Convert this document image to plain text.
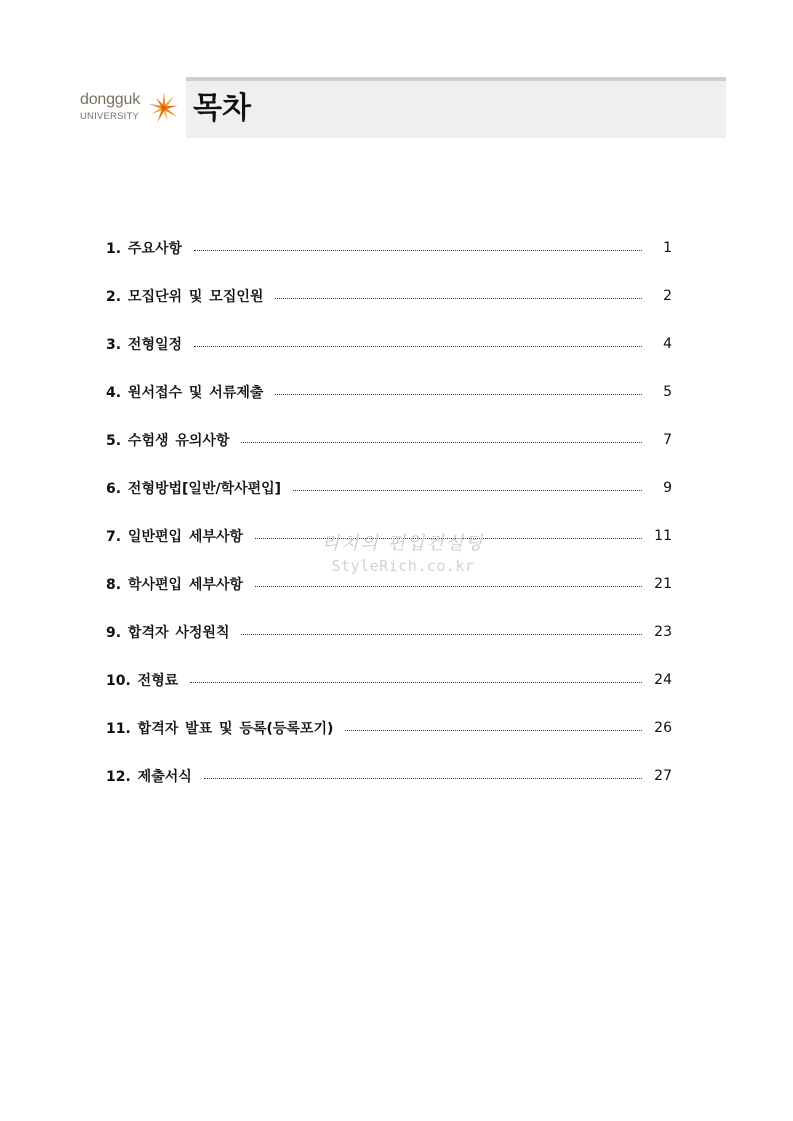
dongguk
UNIVERSITY 목차
1. 주요사항	1
2. 모집단위 및 모집인원	2
3. 전형일정	4
4. 원서접수 및 서류제출	5
5. 수험생 유의사항	7
6. 전형방법[일반/학사편입]	9
7. 일반편입 세부사항	11
8. 학사편입 세부사항	21
9. 합격자 사정원칙	23
10. 전형료	24
11. 합격자 발표 및 등록(등록포기)	26
12. 제출서식	27
리치의 편입컨설팅
StyleRich.co.kr
